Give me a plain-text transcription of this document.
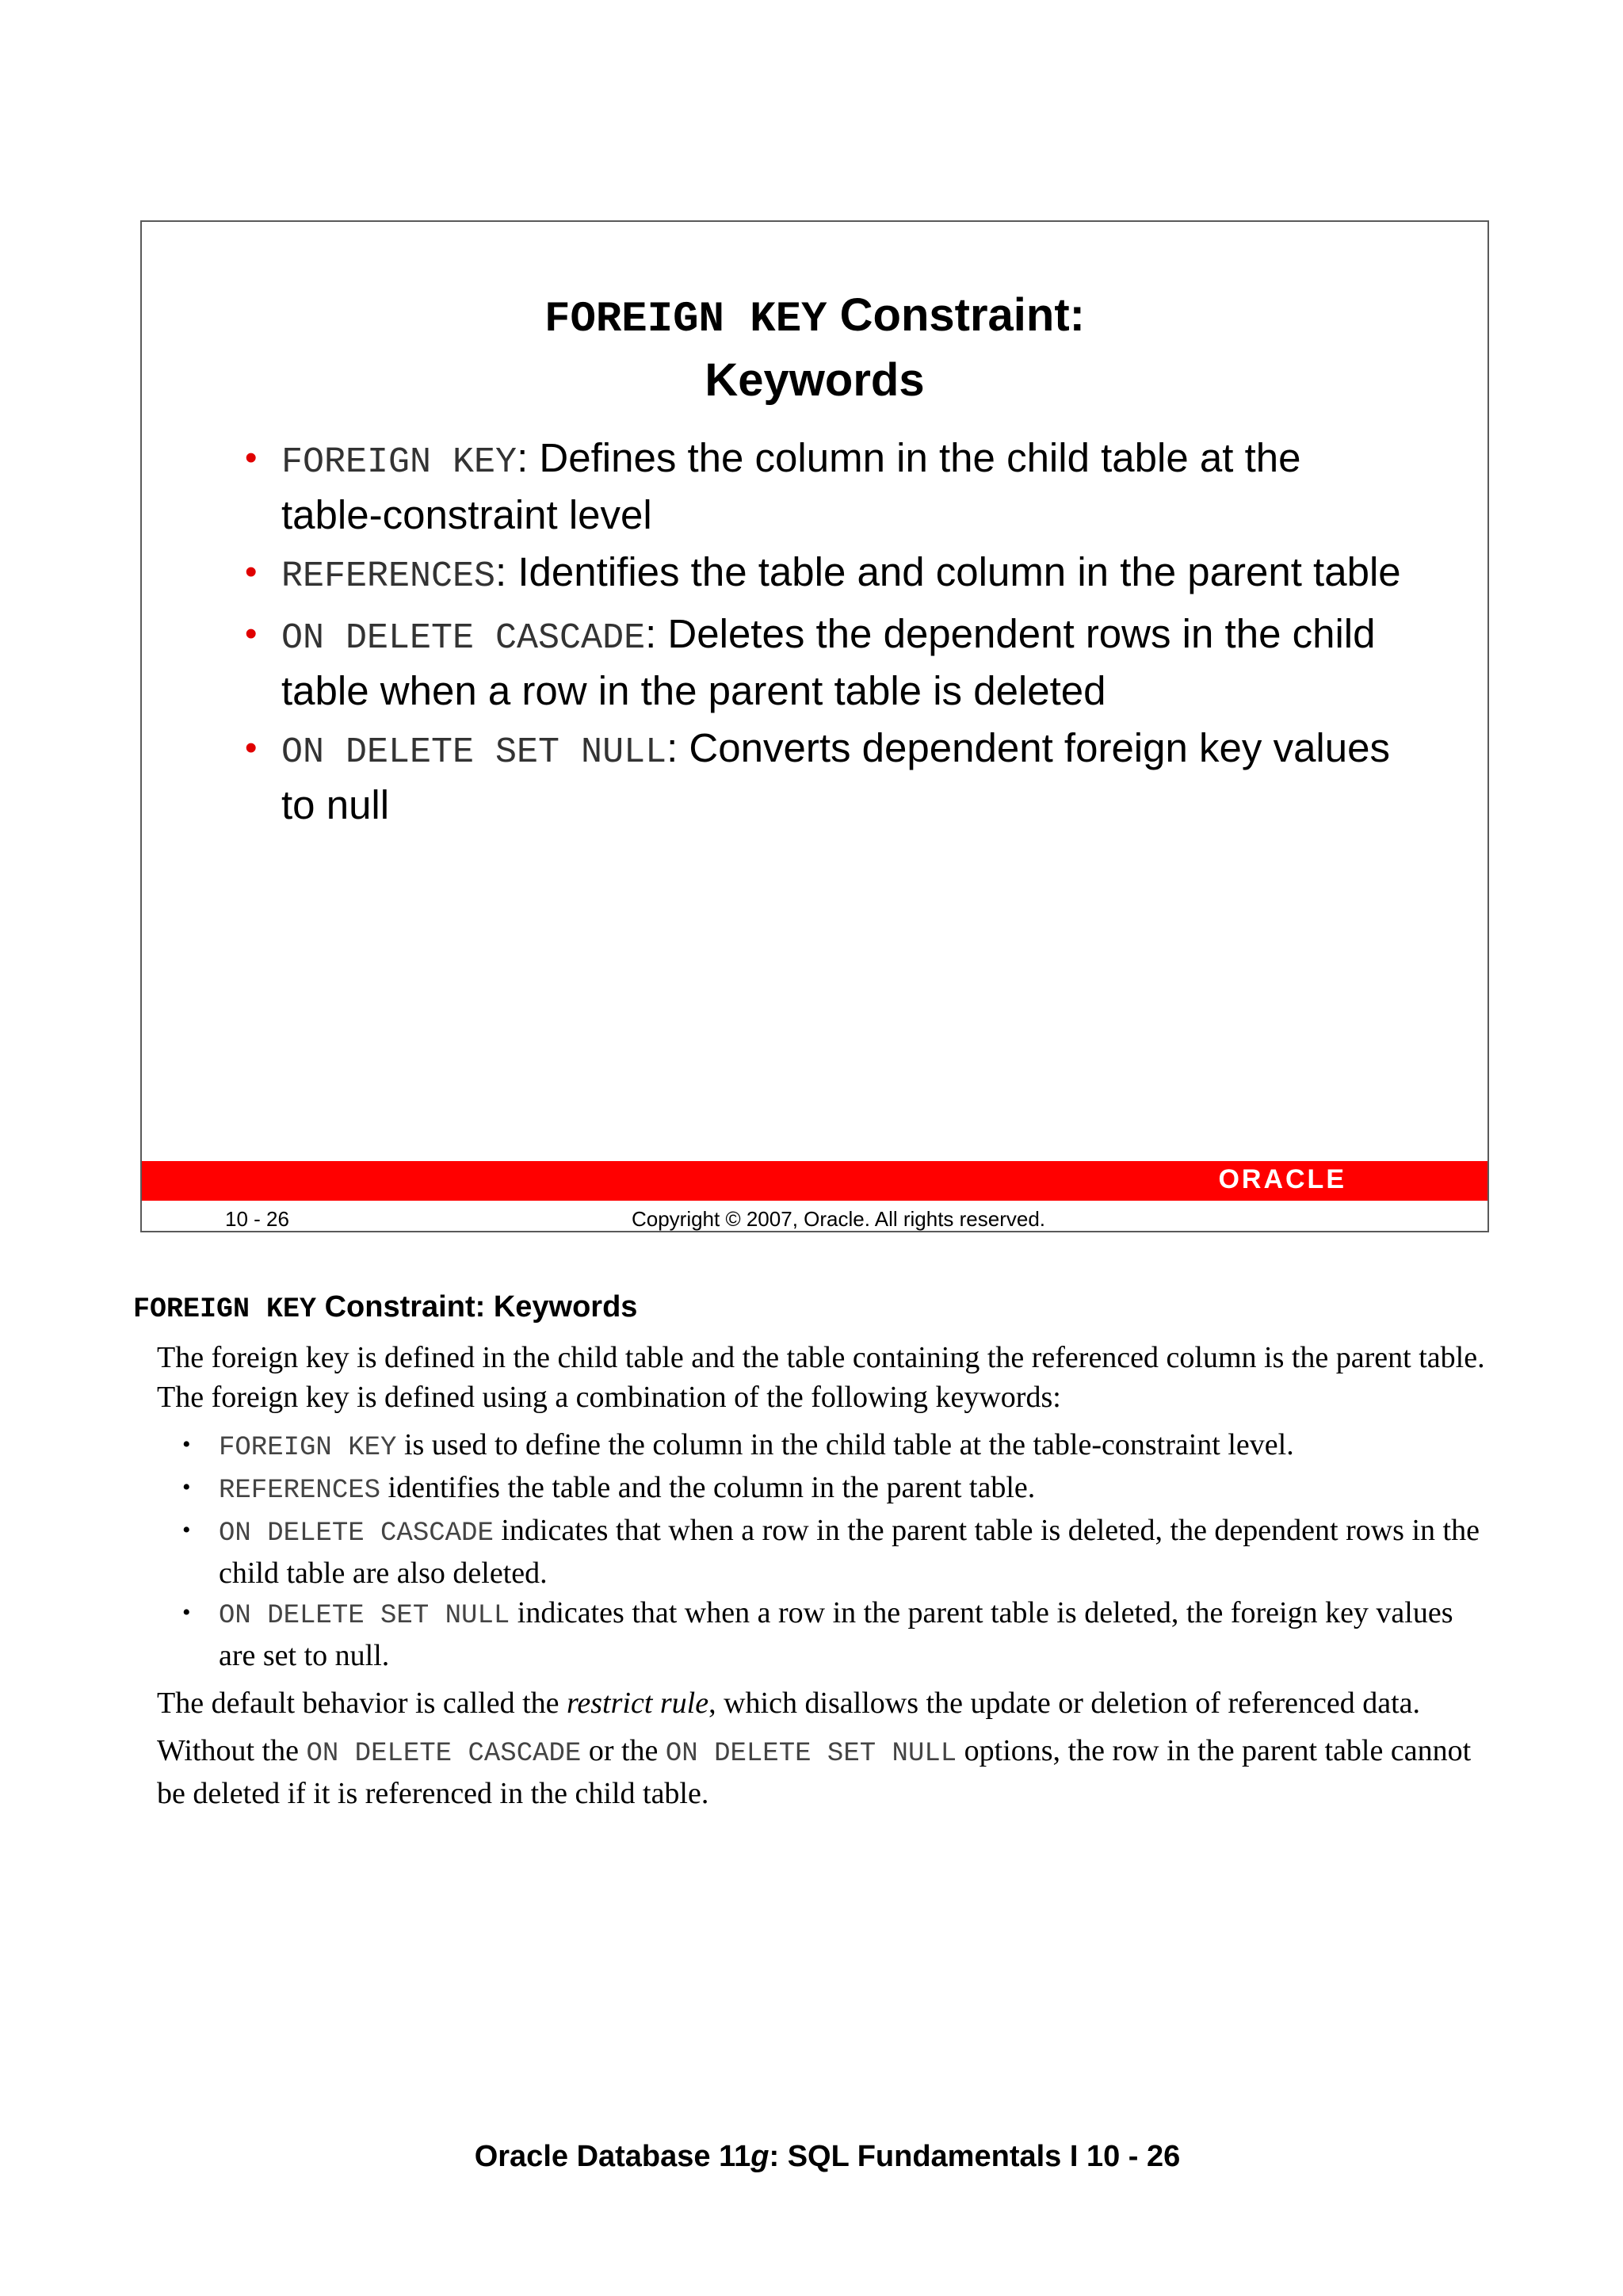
FOREIGN KEY Constraint:
Keywords
• FOREIGN KEY: Defines the column in the child table at the table-constraint level
• REFERENCES: Identifies the table and column in the parent table
• ON DELETE CASCADE: Deletes the dependent rows in the child table when a row in the parent table is deleted
• ON DELETE SET NULL: Converts dependent foreign key values to null
ORACLE
10 - 26	Copyright © 2007, Oracle. All rights reserved.
FOREIGN KEY Constraint: Keywords

The foreign key is defined in the child table and the table containing the referenced column is the parent table. The foreign key is defined using a combination of the following keywords:

• FOREIGN KEY is used to define the column in the child table at the table-constraint level.
• REFERENCES identifies the table and the column in the parent table.
• ON DELETE CASCADE indicates that when a row in the parent table is deleted, the dependent rows in the child table are also deleted.
• ON DELETE SET NULL indicates that when a row in the parent table is deleted, the foreign key values are set to null.

The default behavior is called the restrict rule, which disallows the update or deletion of referenced data.

Without the ON DELETE CASCADE or the ON DELETE SET NULL options, the row in the parent table cannot be deleted if it is referenced in the child table.

Oracle Database 11g: SQL Fundamentals I 10 - 26
